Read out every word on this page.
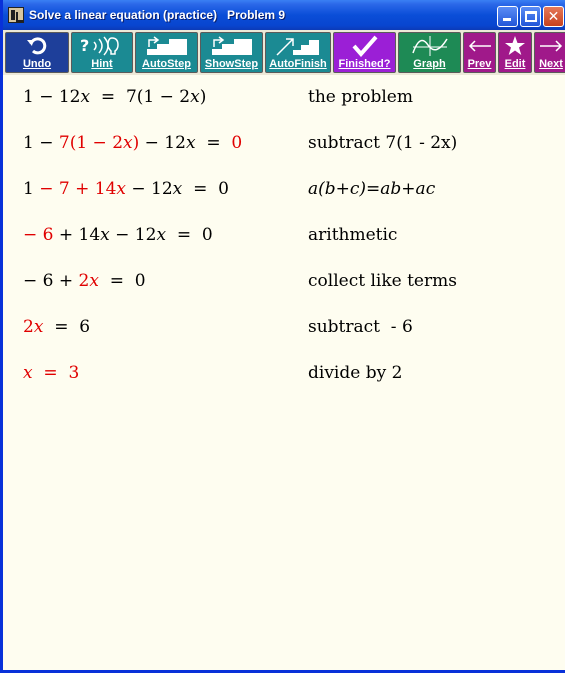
Solve a linear equation (practice)   Problem 9	✕
Undo
?
Hint	AutoStep ShowStep AutoFinish Finished? Graph Prev Edit Next
1 − 12x  =  7(1 − 2x)	the problem
1 − 7(1 − 2x) − 12x  =  0	subtract 7(1 - 2x)
1 − 7 + 14x − 12x  =  0	a(b+c)=ab+ac
− 6 + 14x − 12x  =  0	arithmetic
− 6 + 2x  =  0	collect like terms
2x  =  6	subtract  - 6
x  =  3	divide by 2
